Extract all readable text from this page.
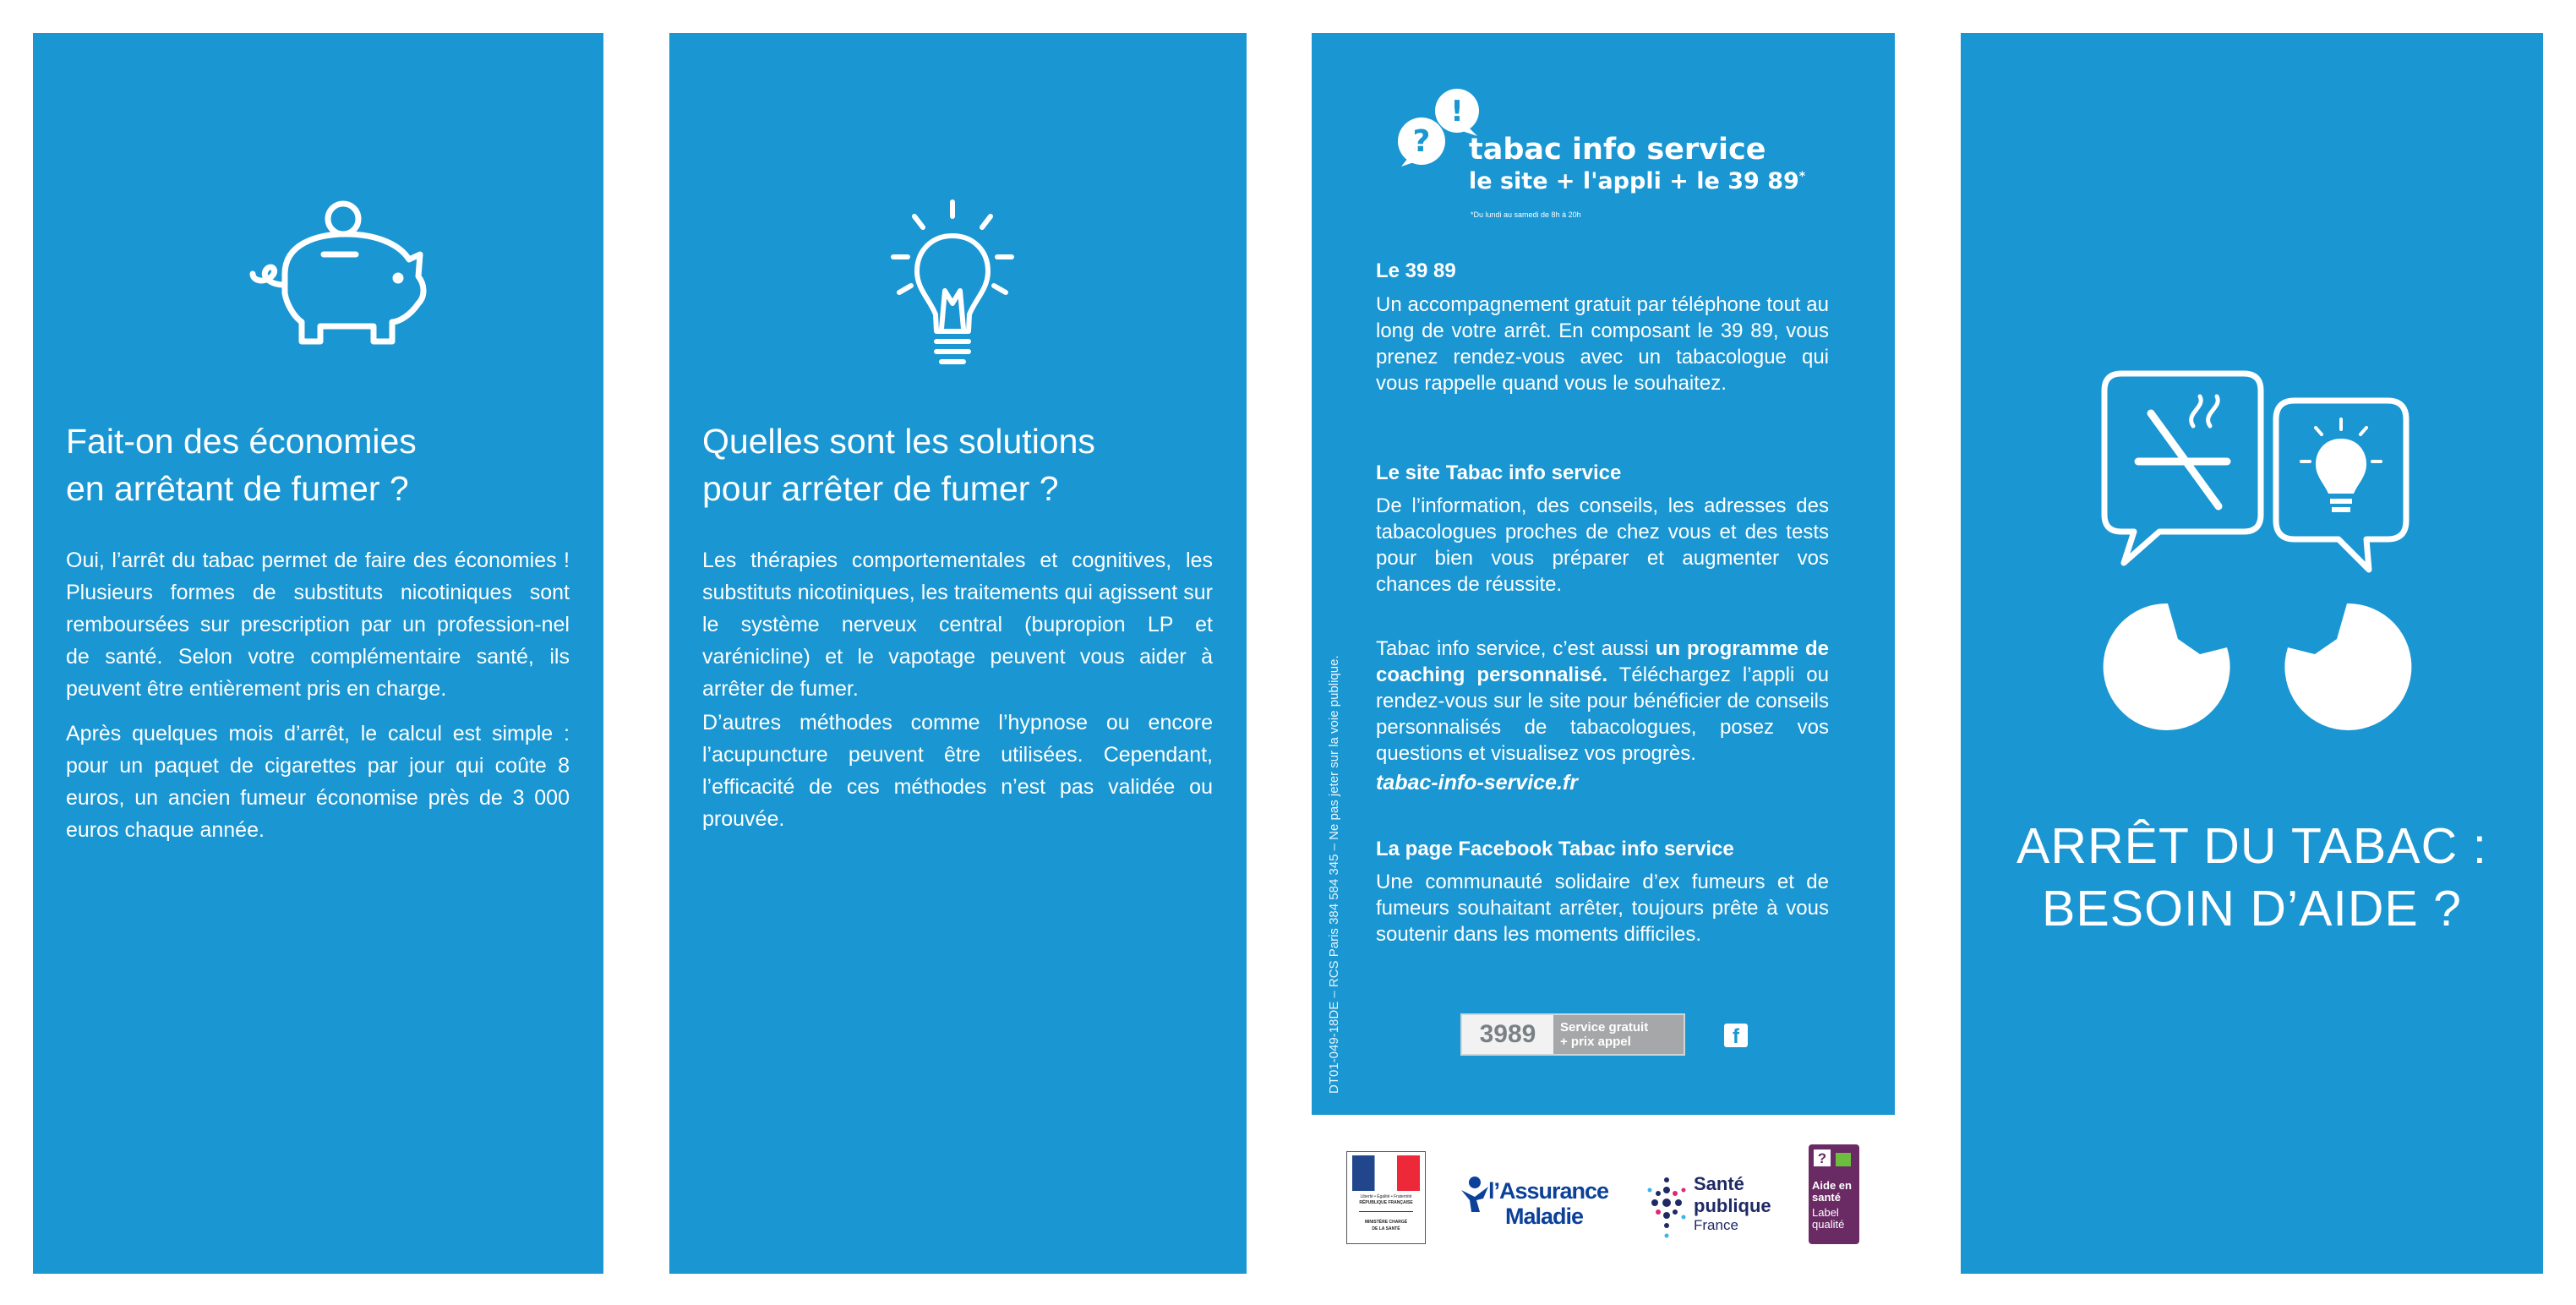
Fait-on des économies
en arrêtant de fumer ?

Oui, l’arrêt du tabac permet de faire des économies ! Plusieurs formes de substituts nicotiniques sont remboursées sur prescription par un profession-nel de santé. Selon votre complémentaire santé, ils peuvent être entièrement pris en charge.

Après quelques mois d’arrêt, le calcul est simple : pour un paquet de cigarettes par jour qui coûte 8 euros, un ancien fumeur économise près de 3 000 euros chaque année.

Quelles sont les solutions
pour arrêter de fumer ?

Les thérapies comportementales et cognitives, les substituts nicotiniques, les traitements qui agissent sur le système nerveux central (bupropion LP et varénicline) et le vapotage peuvent vous aider à arrêter de fumer.

D’autres méthodes comme l’hypnose ou encore l’acupuncture peuvent être utilisées. Cependant, l’efficacité de ces méthodes n’est pas validée ou prouvée.

?
!

tabac info service

le site + l'appli + le 39 89*

*Du lundi au samedi de 8h à 20h

Le 39 89

Un accompagnement gratuit par téléphone tout au long de votre arrêt. En composant le 39 89, vous prenez rendez-vous avec un tabacologue qui vous rappelle quand vous le souhaitez.

Le site Tabac info service

De l’information, des conseils, les adresses des tabacologues proches de chez vous et des tests pour bien vous préparer et augmenter vos chances de réussite.

Tabac info service, c’est aussi un programme de coaching personnalisé. Téléchargez l’appli ou rendez-vous sur le site pour bénéficier de conseils personnalisés de tabacologues, posez vos questions et visualisez vos progrès.

tabac-info-service.fr

La page Facebook Tabac info service

Une communauté solidaire d’ex fumeurs et de fumeurs souhaitant arrêter, toujours prête à vous soutenir dans les moments difficiles.

DT01-049-18DE – RCS Paris 384 584 345 – Ne pas jeter sur la voie publique.	3989	Service gratuit
+ prix appel	f
Liberté • Égalité • Fraternité
RÉPUBLIQUE FRANÇAISE
MINISTÈRE CHARGÉ
DE LA SANTÉ
l’Assurance
Maladie
Santé
publique
France
?
Aide en
santé
Label
qualité

ARRÊT DU TABAC :

BESOIN D’AIDE ?
